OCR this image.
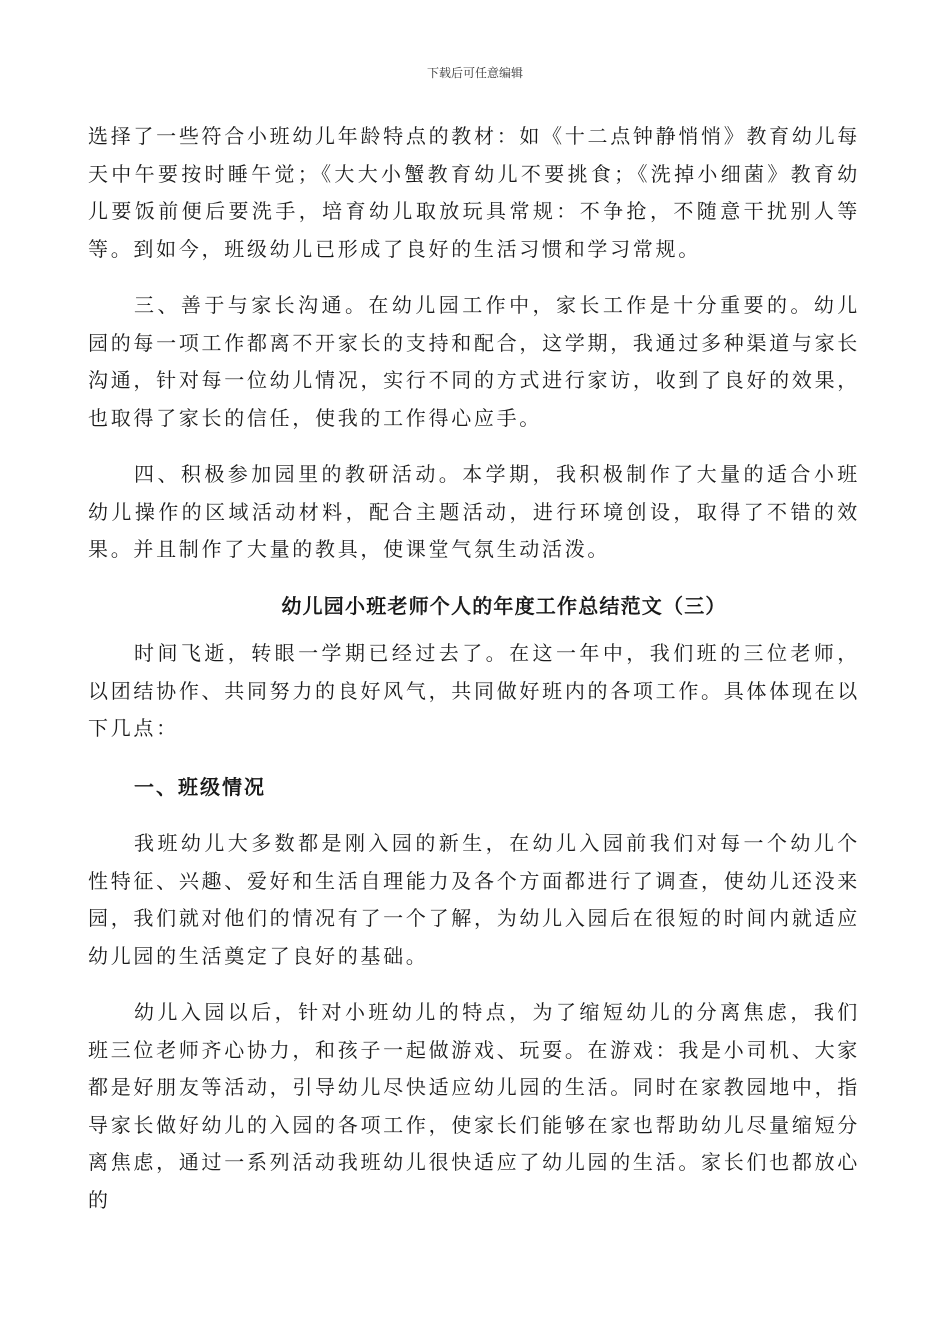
下载后可任意编辑

选择了一些符合小班幼儿年龄特点的教材：如《十二点钟静悄悄》教育幼儿每天中午要按时睡午觉；《大大小蟹教育幼儿不要挑食；《洗掉小细菌》教育幼儿要饭前便后要洗手，培育幼儿取放玩具常规：不争抢，不随意干扰别人等等。到如今，班级幼儿已形成了良好的生活习惯和学习常规。

三、善于与家长沟通。在幼儿园工作中，家长工作是十分重要的。幼儿园的每一项工作都离不开家长的支持和配合，这学期，我通过多种渠道与家长沟通，针对每一位幼儿情况，实行不同的方式进行家访，收到了良好的效果，也取得了家长的信任，使我的工作得心应手。

四、积极参加园里的教研活动。本学期，我积极制作了大量的适合小班幼儿操作的区域活动材料，配合主题活动，进行环境创设，取得了不错的效果。并且制作了大量的教具，使课堂气氛生动活泼。

幼儿园小班老师个人的年度工作总结范文（三）

时间飞逝，转眼一学期已经过去了。在这一年中，我们班的三位老师，以团结协作、共同努力的良好风气，共同做好班内的各项工作。具体体现在以下几点：

一、班级情况

我班幼儿大多数都是刚入园的新生，在幼儿入园前我们对每一个幼儿个性特征、兴趣、爱好和生活自理能力及各个方面都进行了调查，使幼儿还没来园，我们就对他们的情况有了一个了解，为幼儿入园后在很短的时间内就适应幼儿园的生活奠定了良好的基础。

幼儿入园以后，针对小班幼儿的特点，为了缩短幼儿的分离焦虑，我们班三位老师齐心协力，和孩子一起做游戏、玩耍。在游戏：我是小司机、大家都是好朋友等活动，引导幼儿尽快适应幼儿园的生活。同时在家教园地中，指导家长做好幼儿的入园的各项工作，使家长们能够在家也帮助幼儿尽量缩短分离焦虑，通过一系列活动我班幼儿很快适应了幼儿园的生活。家长们也都放心的
